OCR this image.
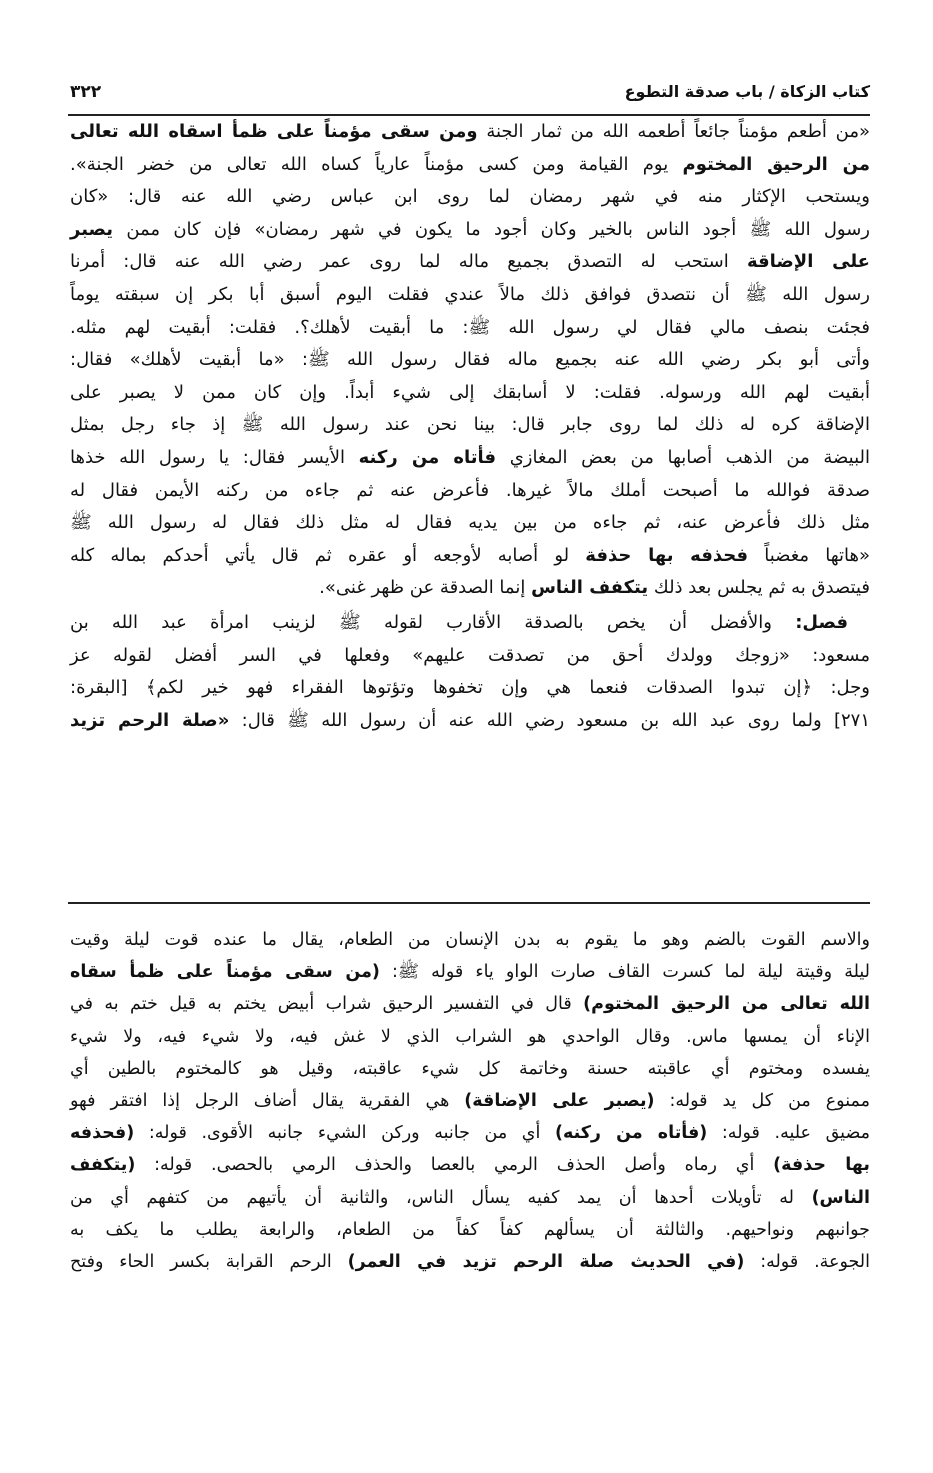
كتاب الزكاة / باب صدقة التطوع
٣٢٢
«من أطعم مؤمناً جائعاً أطعمه الله من ثمار الجنة ومن سقى مؤمناً على ظمأ اسقاه الله تعالى
من الرحيق المختوم يوم القيامة ومن كسى مؤمناً عارياً كساه الله تعالى من خضر الجنة».
ويستحب الإكثار منه في شهر رمضان لما روى ابن عباس رضي الله عنه قال: «كان
رسول الله ﷺ أجود الناس بالخير وكان أجود ما يكون في شهر رمضان» فإن كان ممن يصبر
على الإضاقة استحب له التصدق بجميع ماله لما روى عمر رضي الله عنه قال: أمرنا
رسول الله ﷺ أن نتصدق فوافق ذلك مالاً عندي فقلت اليوم أسبق أبا بكر إن سبقته يوماً
فجئت بنصف مالي فقال لي رسول الله ﷺ: ما أبقيت لأهلك؟. فقلت: أبقيت لهم مثله.
وأتى أبو بكر رضي الله عنه بجميع ماله فقال رسول الله ﷺ: «ما أبقيت لأهلك» فقال:
أبقيت لهم الله ورسوله. فقلت: لا أسابقك إلى شيء أبداً. وإن كان ممن لا يصبر على
الإضاقة كره له ذلك لما روى جابر قال: بينا نحن عند رسول الله ﷺ إذ جاء رجل بمثل
البيضة من الذهب أصابها من بعض المغازي فأتاه من ركنه الأيسر فقال: يا رسول الله خذها
صدقة فوالله ما أصبحت أملك مالاً غيرها. فأعرض عنه ثم جاءه من ركنه الأيمن فقال له
مثل ذلك فأعرض عنه، ثم جاءه من بين يديه فقال له مثل ذلك فقال له رسول الله ﷺ
«هاتها مغضباً فحذفه بها حذفة لو أصابه لأوجعه أو عقره ثم قال يأتي أحدكم بماله كله
فيتصدق به ثم يجلس بعد ذلك يتكفف الناس إنما الصدقة عن ظهر غنى».
فصل: والأفضل أن يخص بالصدقة الأقارب لقوله ﷺ لزينب امرأة عبد الله بن
مسعود: «زوجك وولدك أحق من تصدقت عليهم» وفعلها في السر أفضل لقوله عز
وجل: ﴿إن تبدوا الصدقات فنعما هي وإن تخفوها وتؤتوها الفقراء فهو خير لكم﴾ [البقرة:
٢٧١] ولما روى عبد الله بن مسعود رضي الله عنه أن رسول الله ﷺ قال: «صلة الرحم تزيد
والاسم القوت بالضم وهو ما يقوم به بدن الإنسان من الطعام، يقال ما عنده قوت ليلة وقيت
ليلة وقيتة ليلة لما كسرت القاف صارت الواو ياء قوله ﷺ: (من سقى مؤمناً على ظمأ سقاه
الله تعالى من الرحيق المختوم) قال في التفسير الرحيق شراب أبيض يختم به قيل ختم به في
الإناء أن يمسها ماس. وقال الواحدي هو الشراب الذي لا غش فيه، ولا شيء فيه، ولا شيء
يفسده ومختوم أي عاقبته حسنة وخاتمة كل شيء عاقبته، وقيل هو كالمختوم بالطين أي
ممنوع من كل يد قوله: (يصبر على الإضاقة) هي الفقرية يقال أضاف الرجل إذا افتقر فهو
مضيق عليه. قوله: (فأتاه من ركنه) أي من جانبه وركن الشيء جانبه الأقوى. قوله: (فحذفه
بها حذفة) أي رماه وأصل الحذف الرمي بالعصا والحذف الرمي بالحصى. قوله: (يتكفف
الناس) له تأويلات أحدها أن يمد كفيه يسأل الناس، والثانية أن يأتيهم من كتفهم أي من
جوانبهم ونواحيهم. والثالثة أن يسألهم كفاً كفاً من الطعام، والرابعة يطلب ما يكف به
الجوعة. قوله: (في الحديث صلة الرحم تزيد في العمر) الرحم القرابة بكسر الحاء وفتح
